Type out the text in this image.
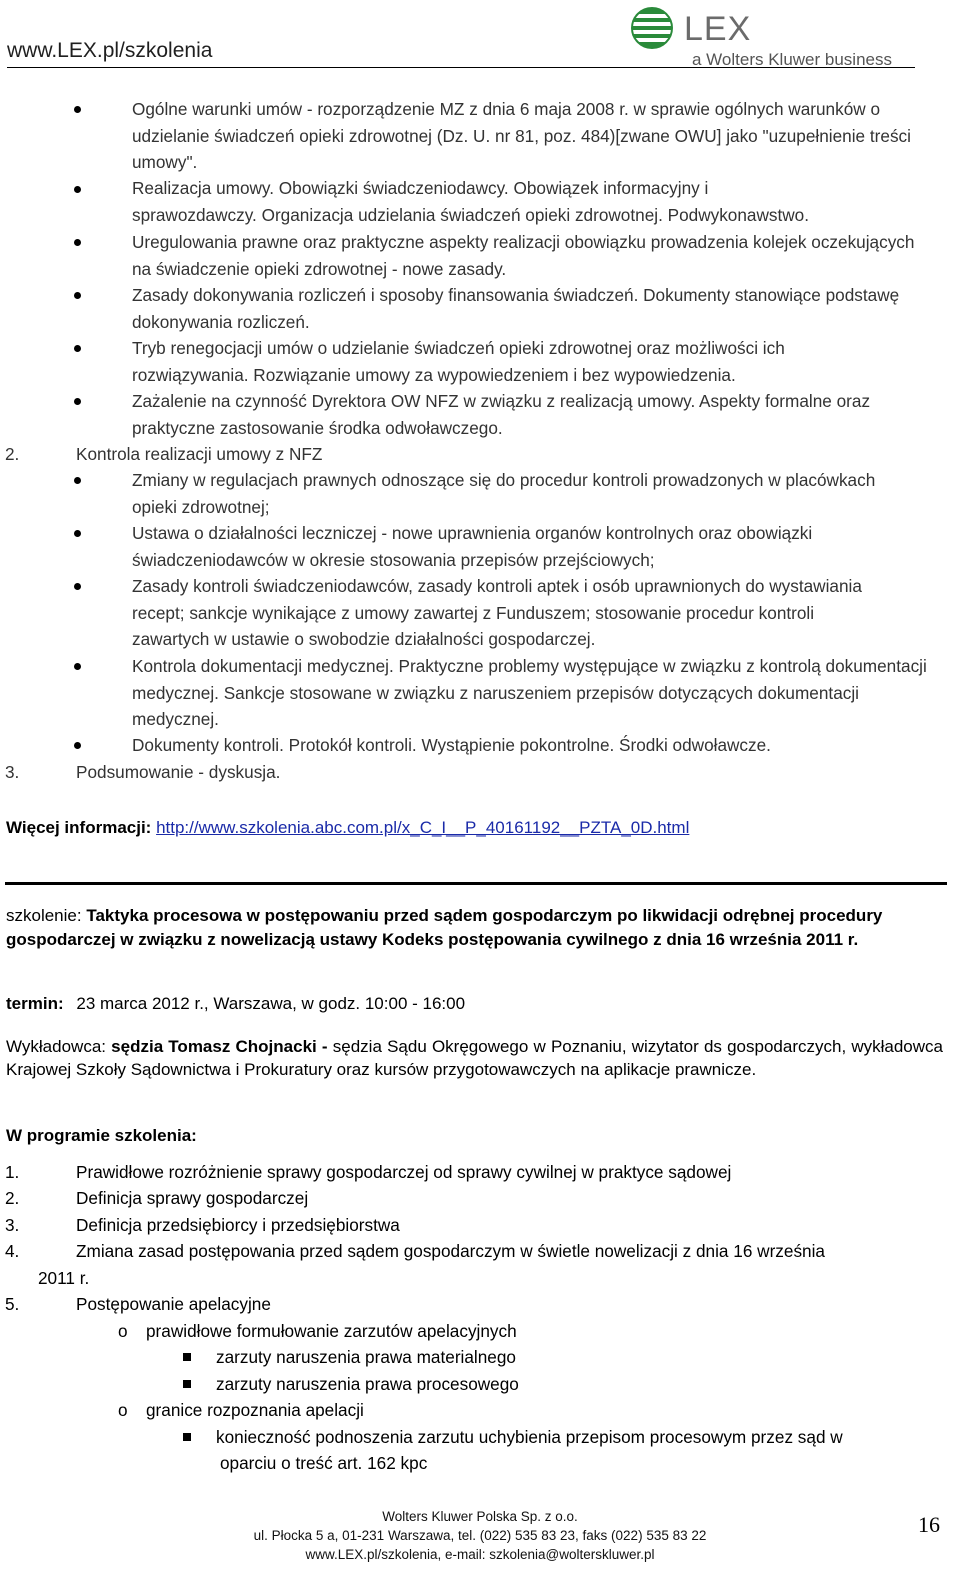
www.LEX.pl/szkolenia
LEX
a Wolters Kluwer business
Ogólne warunki umów - rozporządzenie MZ z dnia 6 maja 2008 r. w sprawie ogólnych warunków o udzielanie świadczeń opieki zdrowotnej (Dz. U. nr 81, poz. 484)[zwane OWU] jako "uzupełnienie treści umowy".
Realizacja umowy. Obowiązki świadczeniodawcy. Obowiązek informacyjny i sprawozdawczy. Organizacja udzielania świadczeń opieki zdrowotnej. Podwykonawstwo.
Uregulowania prawne oraz praktyczne aspekty realizacji obowiązku prowadzenia kolejek oczekujących na świadczenie opieki zdrowotnej - nowe zasady.
Zasady dokonywania rozliczeń i sposoby finansowania świadczeń. Dokumenty stanowiące podstawę dokonywania rozliczeń.
Tryb renegocjacji umów o udzielanie świadczeń opieki zdrowotnej oraz możliwości ich rozwiązywania. Rozwiązanie umowy za wypowiedzeniem i bez wypowiedzenia.
Zażalenie na czynność Dyrektora OW NFZ w związku z realizacją umowy. Aspekty formalne oraz praktyczne zastosowanie środka odwoławczego.
2.	Kontrola realizacji umowy z NFZ
Zmiany w regulacjach prawnych odnoszące się do procedur kontroli prowadzonych w placówkach opieki zdrowotnej;
Ustawa o działalności leczniczej - nowe uprawnienia organów kontrolnych oraz obowiązki świadczeniodawców w okresie stosowania przepisów przejściowych;
Zasady kontroli świadczeniodawców, zasady kontroli aptek i osób uprawnionych do wystawiania recept; sankcje wynikające z umowy zawartej z Funduszem; stosowanie procedur kontroli zawartych w ustawie o swobodzie działalności gospodarczej.
Kontrola dokumentacji medycznej. Praktyczne problemy występujące w związku z kontrolą dokumentacji medycznej. Sankcje stosowane w związku z naruszeniem przepisów dotyczących dokumentacji medycznej.
Dokumenty kontroli. Protokół kontroli. Wystąpienie pokontrolne. Środki odwoławcze.
3.	Podsumowanie - dyskusja.
Więcej informacji: http://www.szkolenia.abc.com.pl/x_C_I__P_40161192__PZTA_0D.html
szkolenie: Taktyka procesowa w postępowaniu przed sądem gospodarczym po likwidacji odrębnej procedury gospodarczej w związku z nowelizacją ustawy Kodeks postępowania cywilnego z dnia 16 września 2011 r.
termin: 23 marca 2012 r., Warszawa, w godz. 10:00 - 16:00
Wykładowca: sędzia Tomasz Chojnacki - sędzia Sądu Okręgowego w Poznaniu, wizytator ds gospodarczych, wykładowca Krajowej Szkoły Sądownictwa i Prokuratury oraz kursów przygotowawczych na aplikacje prawnicze.
W programie szkolenia:
1.	Prawidłowe rozróżnienie sprawy gospodarczej od sprawy cywilnej w praktyce sądowej
2.	Definicja sprawy gospodarczej
3.	Definicja przedsiębiorcy i przedsiębiorstwa
4.	Zmiana zasad postępowania przed sądem gospodarczym w świetle nowelizacji z dnia 16 września
2011 r.
5.	Postępowanie apelacyjne
o prawidłowe formułowanie zarzutów apelacyjnych
zarzuty naruszenia prawa materialnego
zarzuty naruszenia prawa procesowego
o granice rozpoznania apelacji
konieczność podnoszenia zarzutu uchybienia przepisom procesowym przez sąd w
oparciu o treść art. 162 kpc
Wolters Kluwer Polska Sp. z o.o.
ul. Płocka 5 a, 01-231 Warszawa, tel. (022) 535 83 23, faks (022) 535 83 22
www.LEX.pl/szkolenia, e-mail: szkolenia@wolterskluwer.pl
16
